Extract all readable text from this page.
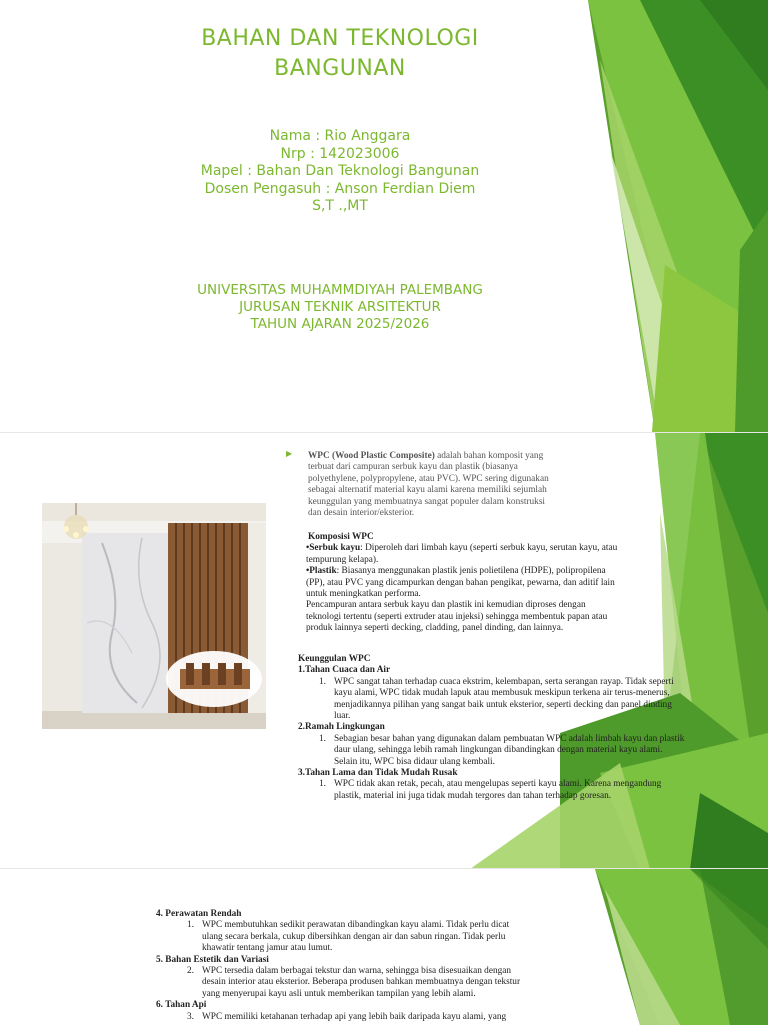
BAHAN DAN TEKNOLOGI
BANGUNAN
Nama : Rio Anggara
Nrp : 142023006
Mapel : Bahan Dan Teknologi Bangunan
Dosen Pengasuh : Anson Ferdian Diem
S,T .,MT
UNIVERSITAS MUHAMMDIYAH PALEMBANG
JURUSAN TEKNIK ARSITEKTUR
TAHUN AJARAN 2025/2026
▶ WPC (Wood Plastic Composite) adalah bahan komposit yang terbuat dari campuran serbuk kayu dan plastik (biasanya polyethylene, polypropylene, atau PVC). WPC sering digunakan sebagai alternatif material kayu alami karena memiliki sejumlah keunggulan yang membuatnya sangat populer dalam konstruksi dan desain interior/eksterior.
Komposisi WPC
•Serbuk kayu: Diperoleh dari limbah kayu (seperti serbuk kayu, serutan kayu, atau tempurung kelapa).
•Plastik: Biasanya menggunakan plastik jenis polietilena (HDPE), polipropilena (PP), atau PVC yang dicampurkan dengan bahan pengikat, pewarna, dan aditif lain untuk meningkatkan performa.
Pencampuran antara serbuk kayu dan plastik ini kemudian diproses dengan teknologi tertentu (seperti extruder atau injeksi) sehingga membentuk papan atau produk lainnya seperti decking, cladding, panel dinding, dan lainnya.
Keunggulan WPC
1.Tahan Cuaca dan Air
1. WPC sangat tahan terhadap cuaca ekstrim, kelembapan, serta serangan rayap. Tidak seperti kayu alami, WPC tidak mudah lapuk atau membusuk meskipun terkena air terus-menerus, menjadikannya pilihan yang sangat baik untuk eksterior, seperti decking dan panel dinding luar.
2.Ramah Lingkungan
1. Sebagian besar bahan yang digunakan dalam pembuatan WPC adalah limbah kayu dan plastik daur ulang, sehingga lebih ramah lingkungan dibandingkan dengan material kayu alami. Selain itu, WPC bisa didaur ulang kembali.
3.Tahan Lama dan Tidak Mudah Rusak
1. WPC tidak akan retak, pecah, atau mengelupas seperti kayu alami. Karena mengandung plastik, material ini juga tidak mudah tergores dan tahan terhadap goresan.
4. Perawatan Rendah
1. WPC membutuhkan sedikit perawatan dibandingkan kayu alami. Tidak perlu dicat ulang secara berkala, cukup dibersihkan dengan air dan sabun ringan. Tidak perlu khawatir tentang jamur atau lumut.
5. Bahan Estetik dan Variasi
2. WPC tersedia dalam berbagai tekstur dan warna, sehingga bisa disesuaikan dengan desain interior atau eksterior. Beberapa produsen bahkan membuatnya dengan tekstur yang menyerupai kayu asli untuk memberikan tampilan yang lebih alami.
6. Tahan Api
3. WPC memiliki ketahanan terhadap api yang lebih baik daripada kayu alami, yang
